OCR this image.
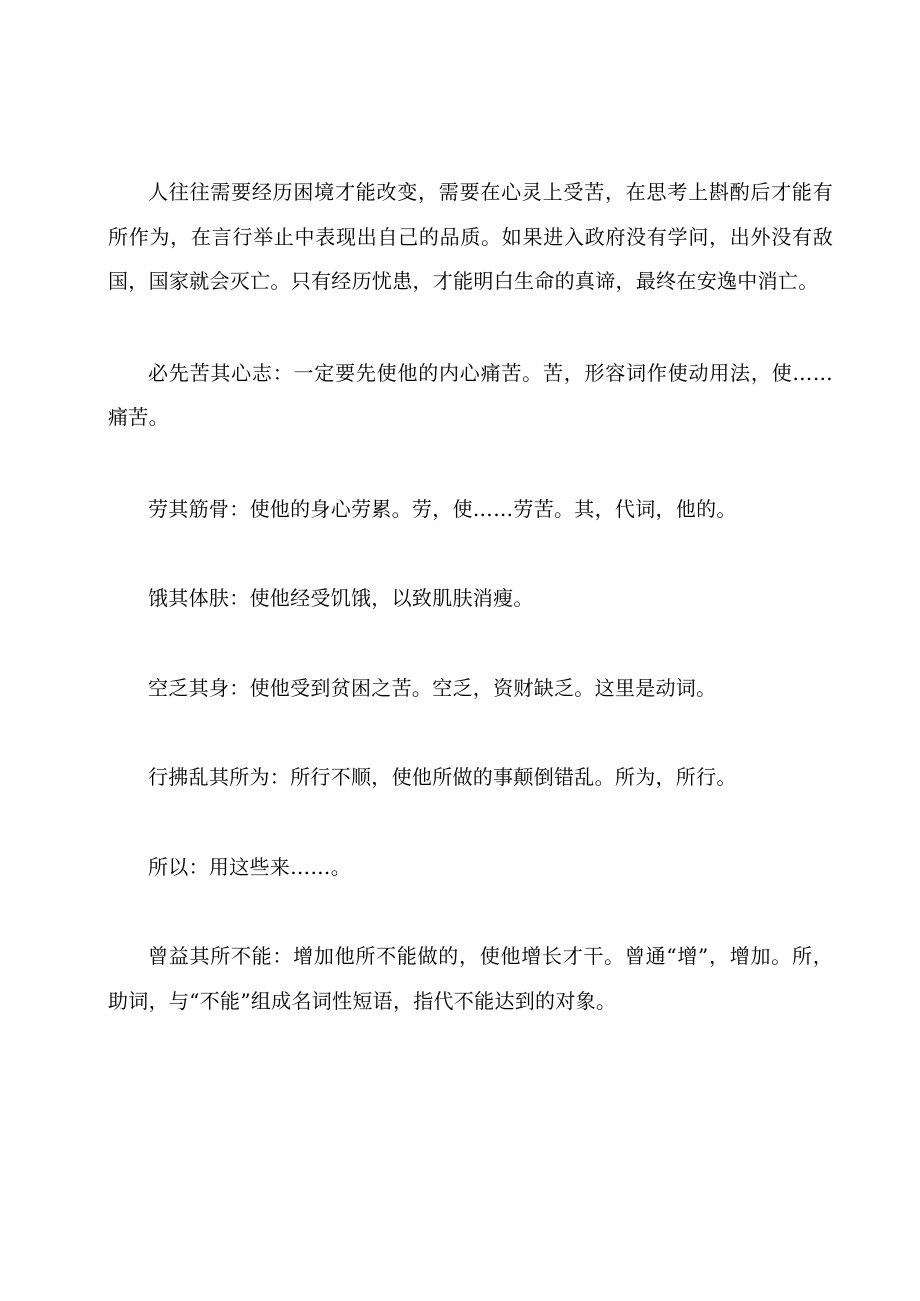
人往往需要经历困境才能改变，需要在心灵上受苦，在思考上斟酌后才能有所作为，在言行举止中表现出自己的品质。如果进入政府没有学问，出外没有敌国，国家就会灭亡。只有经历忧患，才能明白生命的真谛，最终在安逸中消亡。

必先苦其心志：一定要先使他的内心痛苦。苦，形容词作使动用法，使……痛苦。

劳其筋骨：使他的身心劳累。劳，使……劳苦。其，代词，他的。

饿其体肤：使他经受饥饿，以致肌肤消瘦。

空乏其身：使他受到贫困之苦。空乏，资财缺乏。这里是动词。

行拂乱其所为：所行不顺，使他所做的事颠倒错乱。所为，所行。

所以：用这些来……。

曾益其所不能：增加他所不能做的，使他增长才干。曾通“增”，增加。所，助词，与“不能”组成名词性短语，指代不能达到的对象。
